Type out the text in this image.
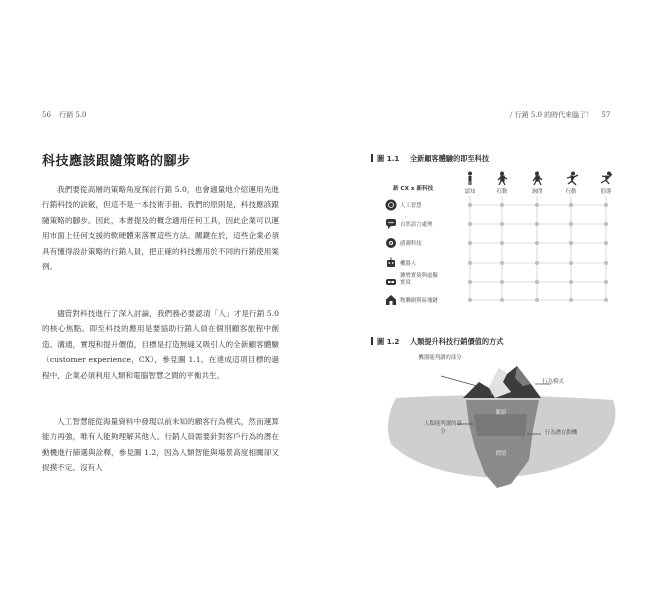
56 行銷 5.0
科技應該跟隨策略的腳步

我們要從高層的策略角度探討行銷 5.0，也會適量地介紹運用先進行銷科技的訣竅，但這不是一本技術手冊。我們的原則是，科技應該跟隨策略的腳步。因此，本書提及的概念適用任何工具，因此企業可以運用市面上任何支援的軟硬體來落實這些方法。關鍵在於，這些企業必須具有懂得設計策略的行銷人員，把正確的科技應用於不同的行銷使用案例。

儘管對科技進行了深入討論，我們務必要認清「人」才是行銷 5.0 的核心焦點。即至科技的應用是要協助行銷人員在個別顧客旅程中創造、溝通，實現和提升價值，目標是打造無縫又吸引人的全新顧客體驗（customer experience，CX），參見圖 1.1。在達成這項目標的過程中，企業必須利用人類和電腦智慧之間的平衡共生。

人工智慧能從海量資料中發現以前未知的顧客行為模式，然而運算能力再強，唯有人能夠理解其他人。行銷人員需要針對客戶行為的潛在動機進行篩選與詮釋，參見圖 1.2，因為人類智能與場景高度相關卻又捉摸不定。沒有人

/ 行銷 5.0 的時代來臨了！ 57
圖 1.1 全新顧客體驗的即至科技
新 CX x 新科技	認知	打動	詢問	行動	倡導
人工智慧
自然語言處理
感測科技
機器人
擴增實境與虛擬實境
物聯網與區塊鏈
圖 1.2 人類提升科技行銷價值的方式
機器能判讀的部分
行為模式
行為
人類能判讀的部分
脈絡
行為潛在動機
價值
